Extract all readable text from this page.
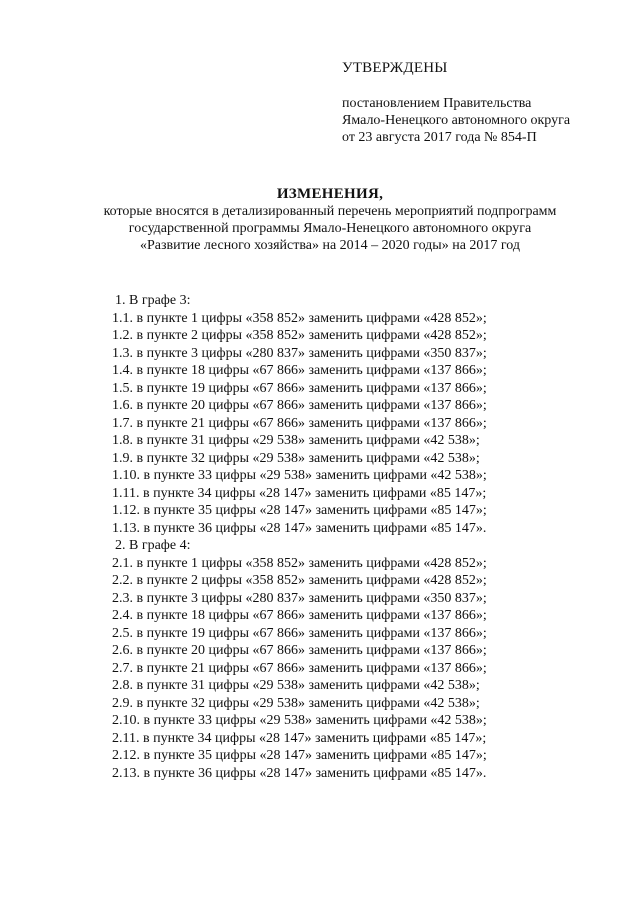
УТВЕРЖДЕНЫ
постановлением Правительства
Ямало-Ненецкого автономного округа
от 23 августа 2017 года № 854-П
ИЗМЕНЕНИЯ,
которые вносятся в детализированный перечень мероприятий подпрограмм
государственной программы Ямало-Ненецкого автономного округа
«Развитие лесного хозяйства» на 2014 – 2020 годы» на 2017 год
1. В графе 3:
1.1. в пункте 1 цифры «358 852» заменить цифрами «428 852»;
1.2. в пункте 2 цифры «358 852» заменить цифрами «428 852»;
1.3. в пункте 3 цифры «280 837» заменить цифрами «350 837»;
1.4. в пункте 18 цифры «67 866» заменить цифрами «137 866»;
1.5. в пункте 19 цифры «67 866» заменить цифрами «137 866»;
1.6. в пункте 20 цифры «67 866» заменить цифрами «137 866»;
1.7. в пункте 21 цифры «67 866» заменить цифрами «137 866»;
1.8. в пункте 31 цифры «29 538» заменить цифрами «42 538»;
1.9. в пункте 32 цифры «29 538» заменить цифрами «42 538»;
1.10. в пункте 33 цифры «29 538» заменить цифрами «42 538»;
1.11. в пункте 34 цифры «28 147» заменить цифрами «85 147»;
1.12. в пункте 35 цифры «28 147» заменить цифрами «85 147»;
1.13. в пункте 36 цифры «28 147» заменить цифрами «85 147».
2. В графе 4:
2.1. в пункте 1 цифры «358 852» заменить цифрами «428 852»;
2.2. в пункте 2 цифры «358 852» заменить цифрами «428 852»;
2.3. в пункте 3 цифры «280 837» заменить цифрами «350 837»;
2.4. в пункте 18 цифры «67 866» заменить цифрами «137 866»;
2.5. в пункте 19 цифры «67 866» заменить цифрами «137 866»;
2.6. в пункте 20 цифры «67 866» заменить цифрами «137 866»;
2.7. в пункте 21 цифры «67 866» заменить цифрами «137 866»;
2.8. в пункте 31 цифры «29 538» заменить цифрами «42 538»;
2.9. в пункте 32 цифры «29 538» заменить цифрами «42 538»;
2.10. в пункте 33 цифры «29 538» заменить цифрами «42 538»;
2.11. в пункте 34 цифры «28 147» заменить цифрами «85 147»;
2.12. в пункте 35 цифры «28 147» заменить цифрами «85 147»;
2.13. в пункте 36 цифры «28 147» заменить цифрами «85 147».
